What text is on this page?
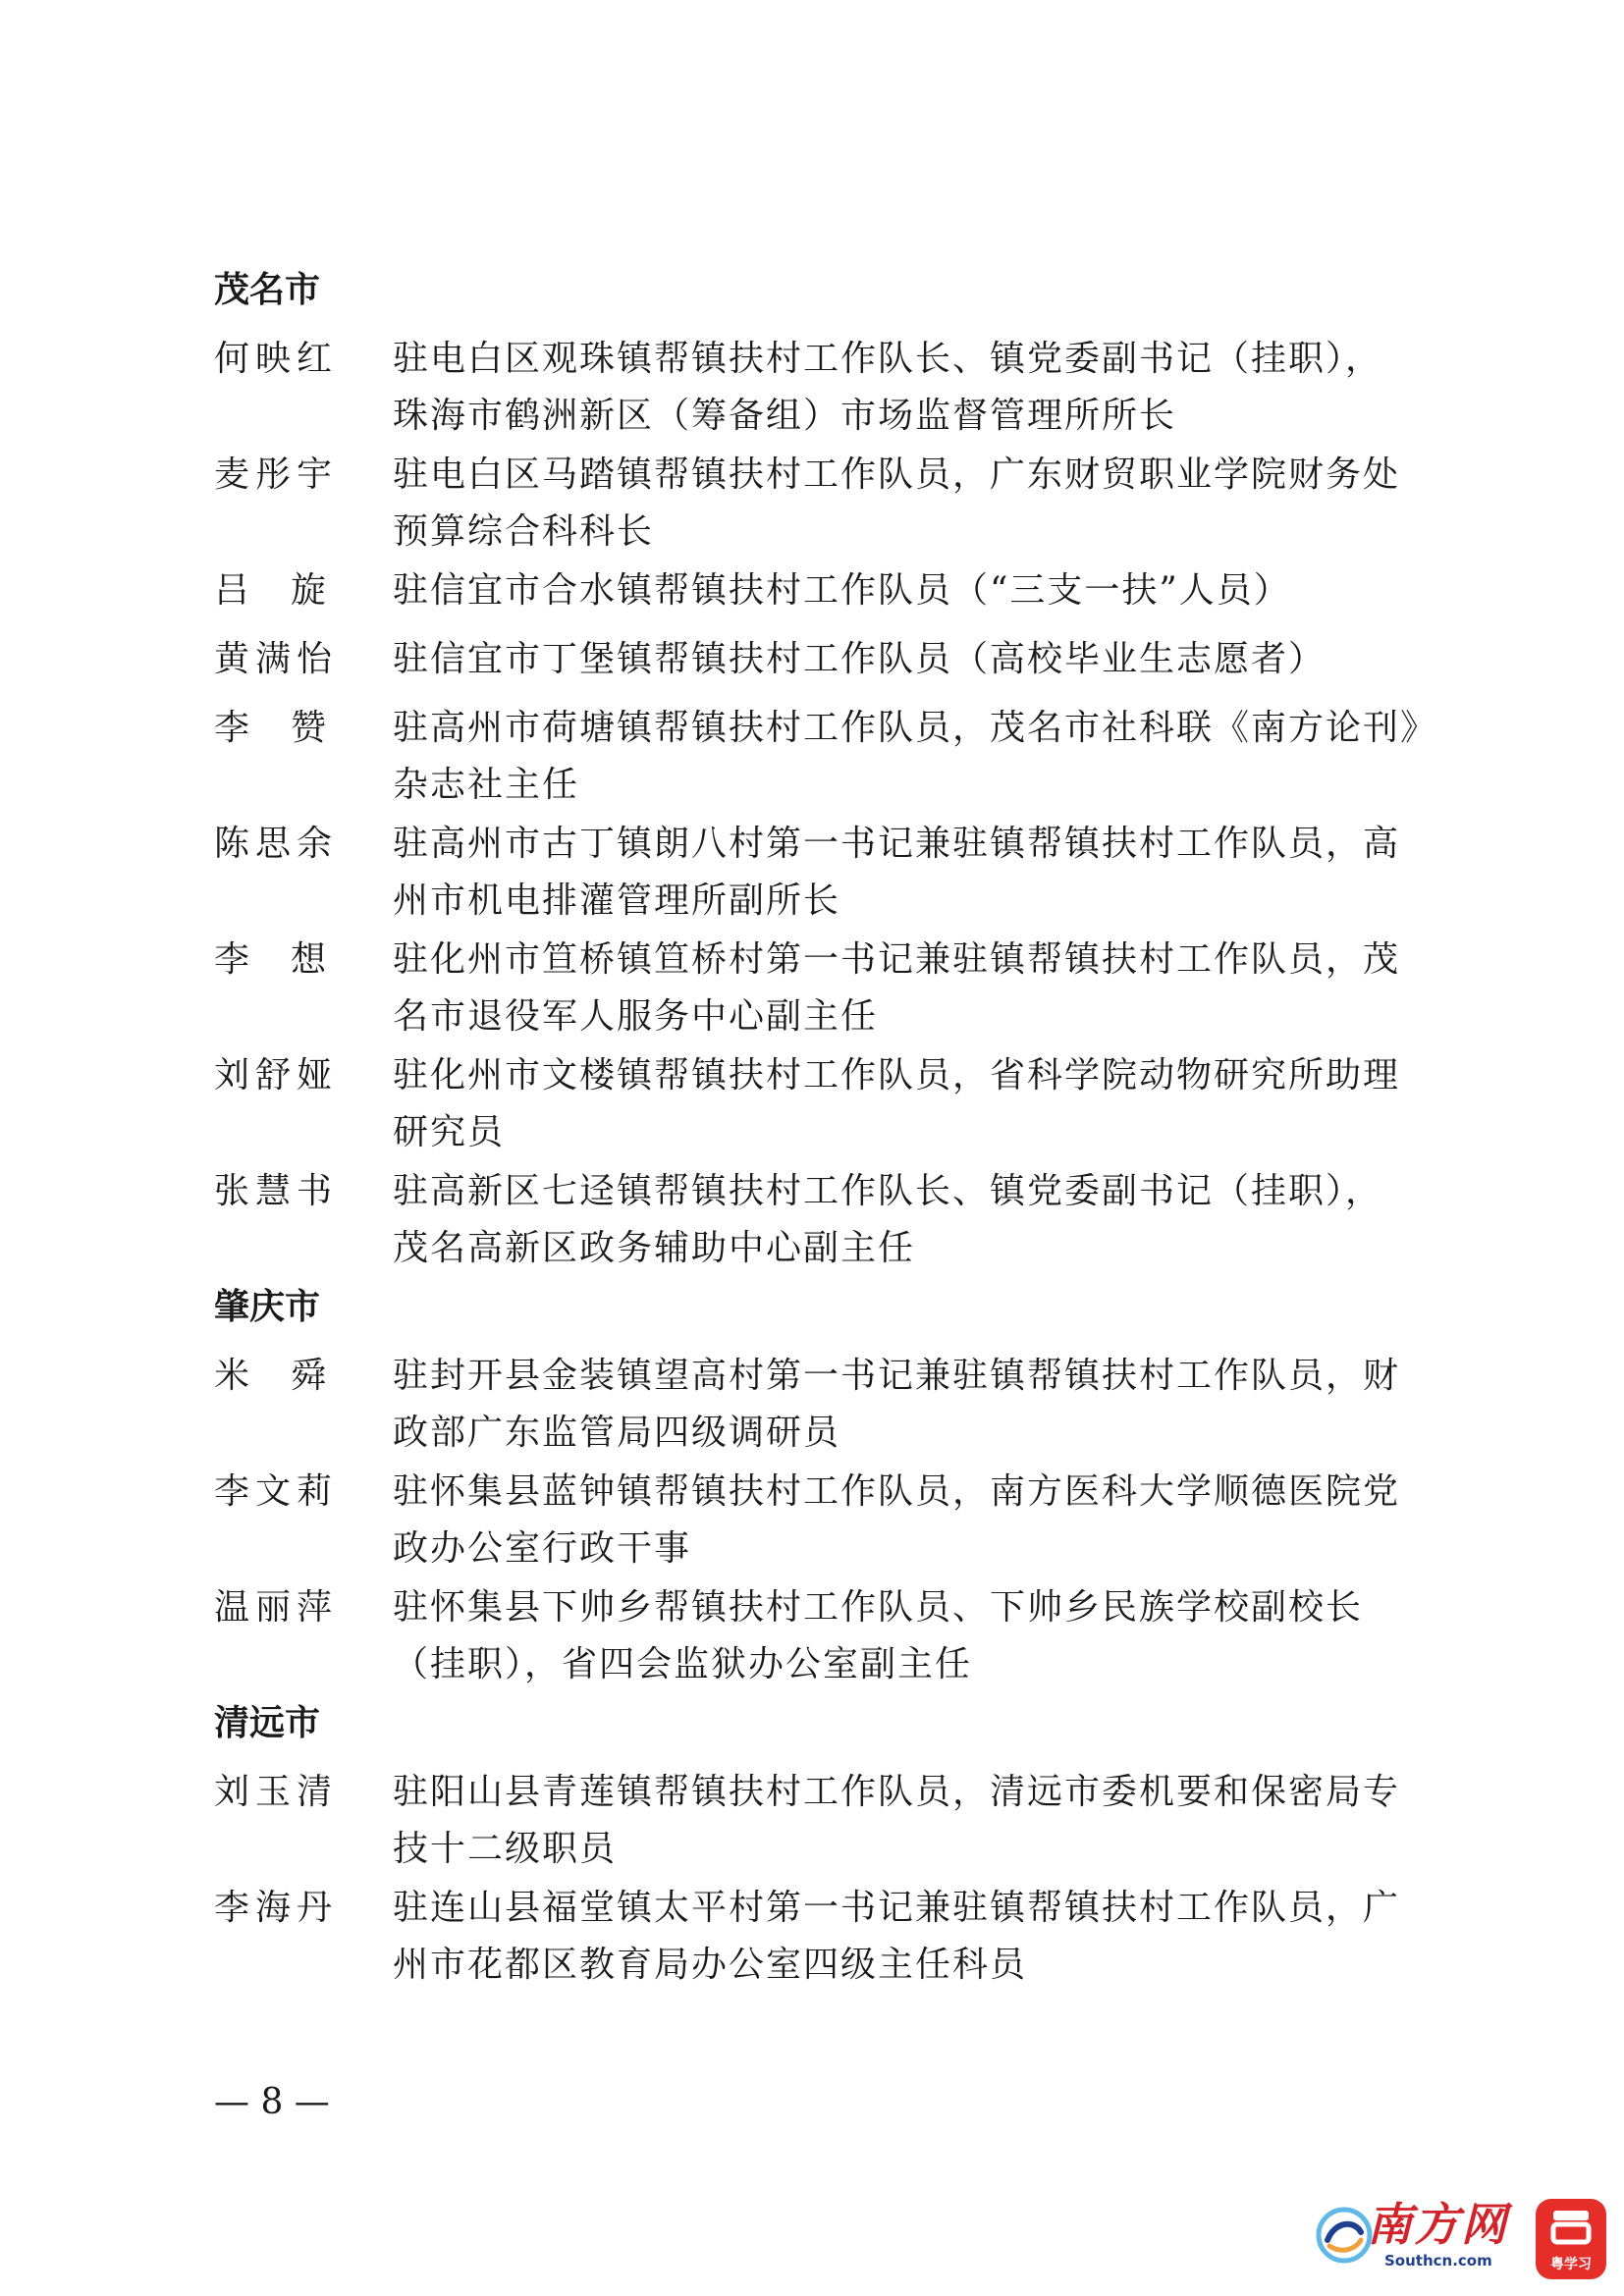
茂名市
何映红 驻电白区观珠镇帮镇扶村工作队长、镇党委副书记（挂职），
珠海市鹤洲新区（筹备组）市场监督管理所所长
麦彤宇 驻电白区马踏镇帮镇扶村工作队员，广东财贸职业学院财务处
预算综合科科长
吕旋 驻信宜市合水镇帮镇扶村工作队员（“三支一扶”人员）
黄满怡 驻信宜市丁堡镇帮镇扶村工作队员（高校毕业生志愿者）
李赞 驻高州市荷塘镇帮镇扶村工作队员，茂名市社科联《南方论刊》
杂志社主任
陈思余 驻高州市古丁镇朗八村第一书记兼驻镇帮镇扶村工作队员，高
州市机电排灌管理所副所长
李想 驻化州市笪桥镇笪桥村第一书记兼驻镇帮镇扶村工作队员，茂
名市退役军人服务中心副主任
刘舒娅 驻化州市文楼镇帮镇扶村工作队员，省科学院动物研究所助理
研究员
张慧书 驻高新区七迳镇帮镇扶村工作队长、镇党委副书记（挂职），
茂名高新区政务辅助中心副主任
肇庆市
米舜 驻封开县金装镇望高村第一书记兼驻镇帮镇扶村工作队员，财
政部广东监管局四级调研员
李文莉 驻怀集县蓝钟镇帮镇扶村工作队员，南方医科大学顺德医院党
政办公室行政干事
温丽萍 驻怀集县下帅乡帮镇扶村工作队员、下帅乡民族学校副校长
（挂职），省四会监狱办公室副主任
清远市
刘玉清 驻阳山县青莲镇帮镇扶村工作队员，清远市委机要和保密局专
技十二级职员
李海丹 驻连山县福堂镇太平村第一书记兼驻镇帮镇扶村工作队员，广
州市花都区教育局办公室四级主任科员
— 8 —
南方网
Southcn.com	粤学习
